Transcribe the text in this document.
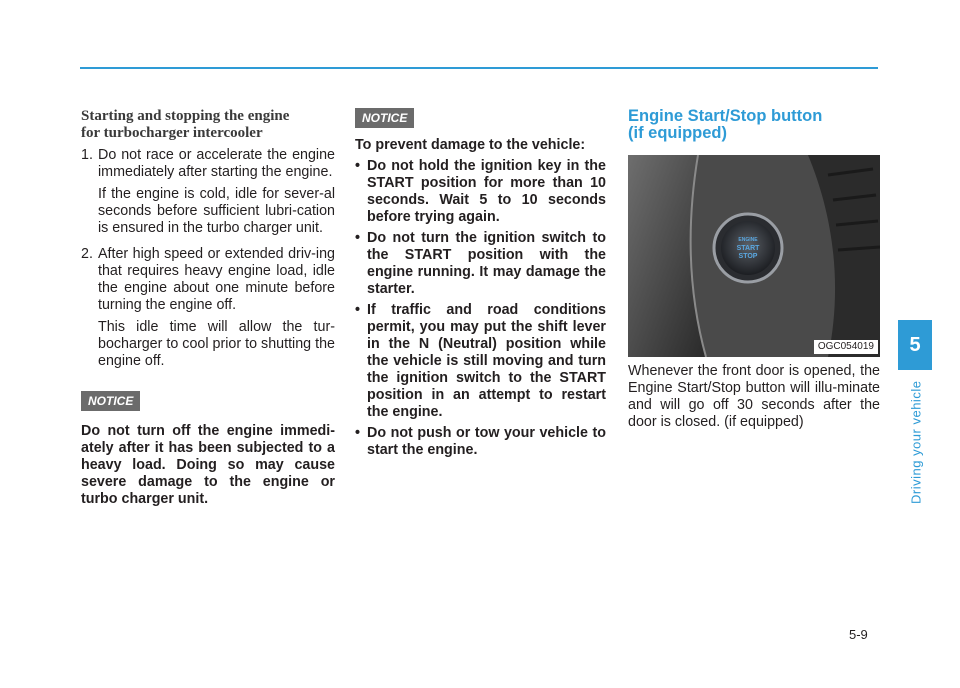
Starting and stopping the engine
for turbocharger intercooler
1. Do not race or accelerate the engine immediately after starting the engine.

If the engine is cold, idle for sever-al seconds before sufficient lubri-cation is ensured in the turbo charger unit.

2. After high speed or extended driv-ing that requires heavy engine load, idle the engine about one minute before turning the engine off.

This idle time will allow the tur-bocharger to cool prior to shutting the engine off.

NOTICE

Do not turn off the engine immedi-ately after it has been subjected to a heavy load. Doing so may cause severe damage to the engine or turbo charger unit.

NOTICE

To prevent damage to the vehicle:

• Do not hold the ignition key in the START position for more than 10 seconds. Wait 5 to 10 seconds before trying again.
• Do not turn the ignition switch to the START position with the engine running. It may damage the starter.
• If traffic and road conditions permit, you may put the shift lever in the N (Neutral) position while the vehicle is still moving and turn the ignition switch to the START position in an attempt to restart the engine.
• Do not push or tow your vehicle to start the engine.
Engine Start/Stop button
(if equipped)
ENGINE
START
STOP
OGC054019

Whenever the front door is opened, the Engine Start/Stop button will illu-minate and will go off 30 seconds after the door is closed. (if equipped)

5
Driving your vehicle
5-9
